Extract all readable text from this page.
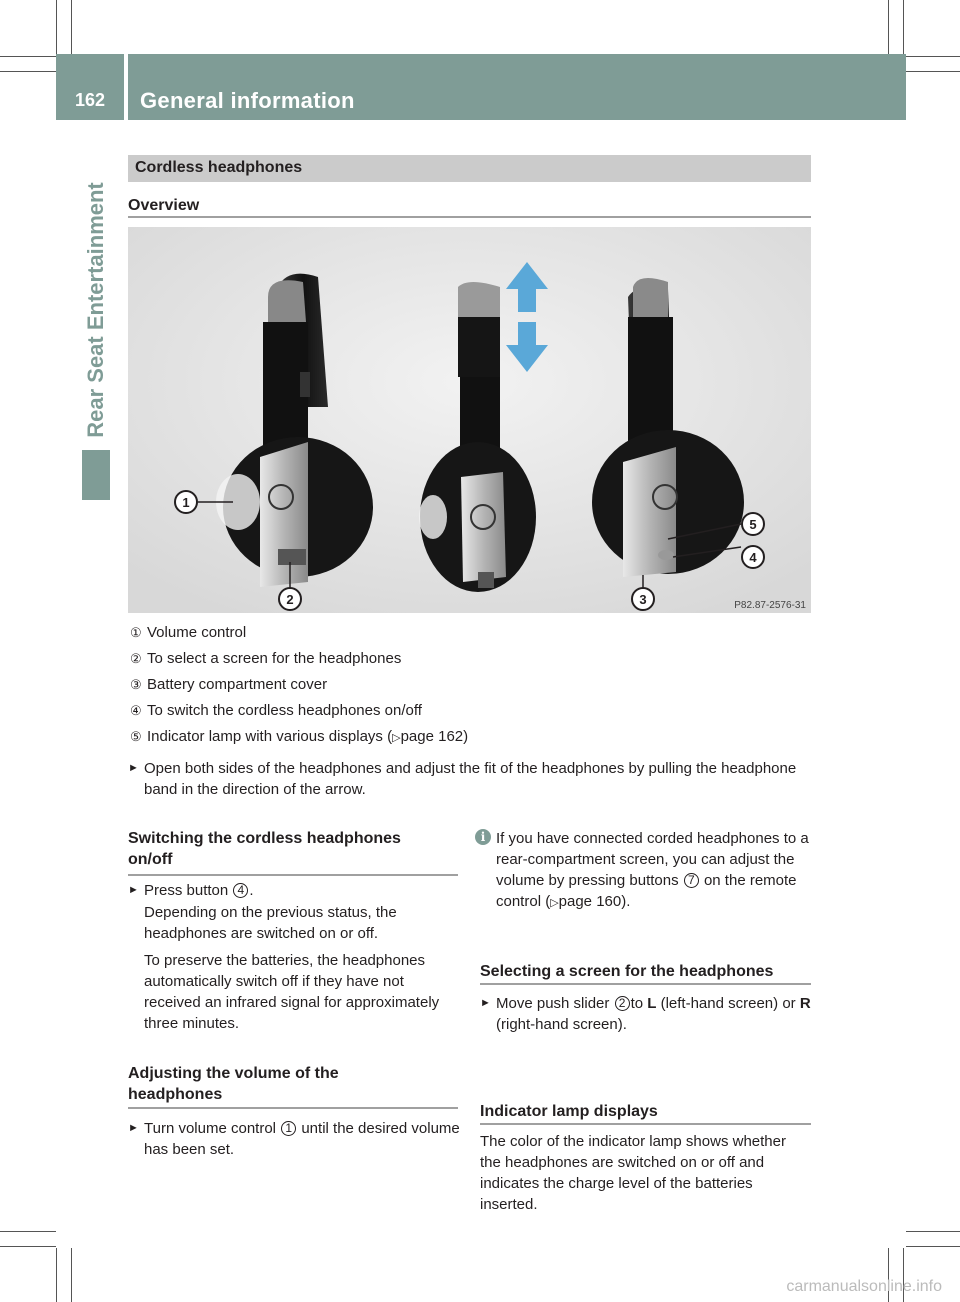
162	General information
Rear Seat Entertainment
Cordless headphones
Overview
1
2	3
4
5
P82.87-2576-31
① Volume control
② To select a screen for the headphones
③ Battery compartment cover
④ To switch the cordless headphones on/off
⑤ Indicator lamp with various displays (▷page 162)
► Open both sides of the headphones and adjust the fit of the headphones by pulling the headphone band in the direction of the arrow.
Switching the cordless headphones on/off
► Press button 4 .
Depending on the previous status, the headphones are switched on or off.
To preserve the batteries, the headphones automatically switch off if they have not received an infrared signal for approximately three minutes.
Adjusting the volume of the headphones
► Turn volume control 1 until the desired volume has been set.
i If you have connected corded headphones to a rear-compartment screen, you can adjust the volume by pressing buttons 7 on the remote control (▷page 160).
Selecting a screen for the headphones
► Move push slider 2 to L (left-hand screen) or R (right-hand screen).
Indicator lamp displays
The color of the indicator lamp shows whether the headphones are switched on or off and indicates the charge level of the batteries inserted.
carmanualsonline.info
